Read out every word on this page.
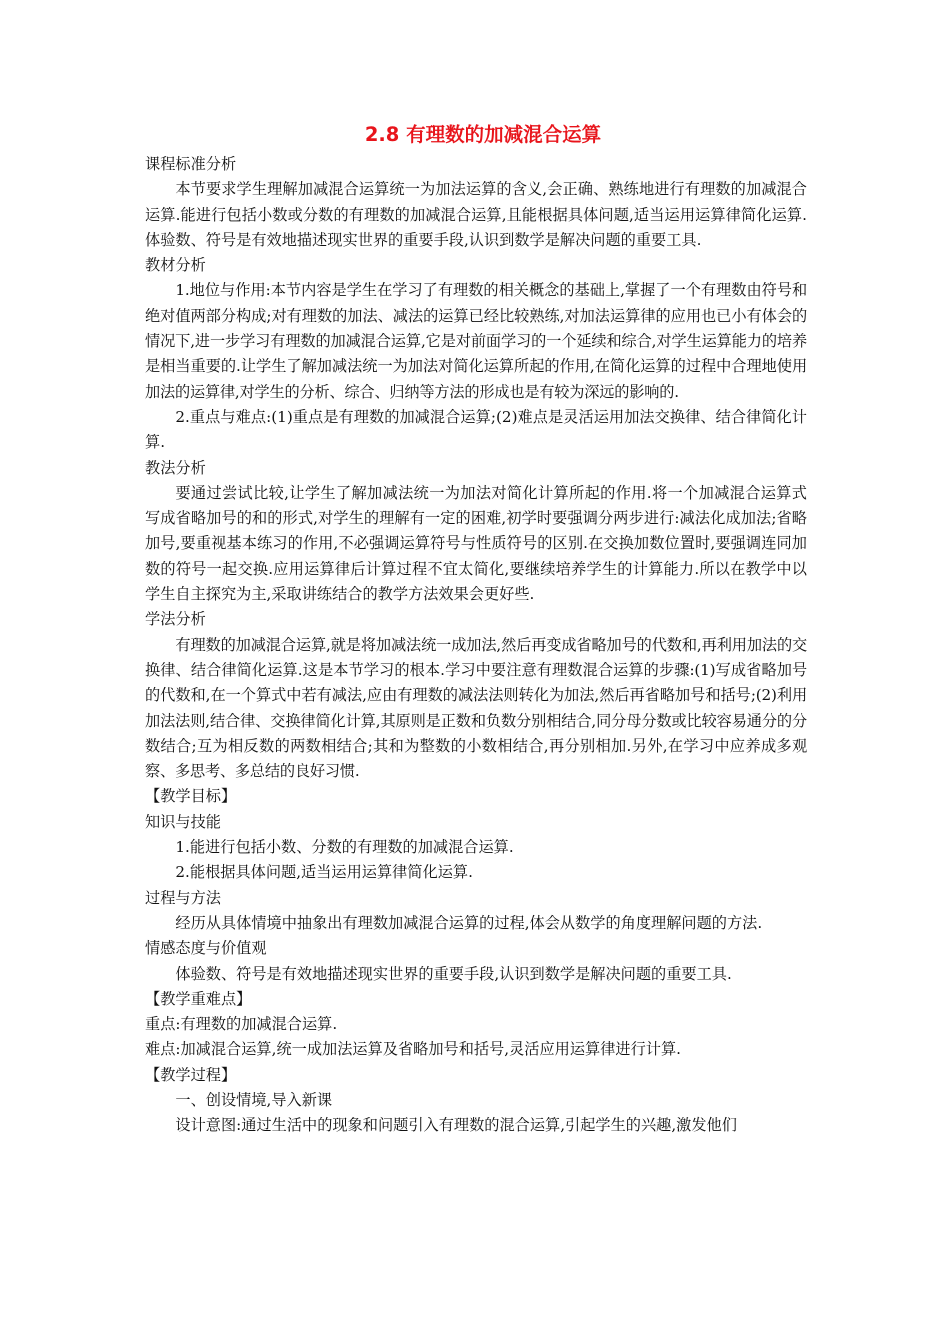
2.8 有理数的加减混合运算

课程标准分析

本节要求学生理解加减混合运算统一为加法运算的含义,会正确、熟练地进行有理数的加减混合运算.能进行包括小数或分数的有理数的加减混合运算,且能根据具体问题,适当运用运算律简化运算.体验数、符号是有效地描述现实世界的重要手段,认识到数学是解决问题的重要工具.

教材分析

1.地位与作用:本节内容是学生在学习了有理数的相关概念的基础上,掌握了一个有理数由符号和绝对值两部分构成;对有理数的加法、减法的运算已经比较熟练,对加法运算律的应用也已小有体会的情况下,进一步学习有理数的加减混合运算,它是对前面学习的一个延续和综合,对学生运算能力的培养是相当重要的.让学生了解加减法统一为加法对简化运算所起的作用,在简化运算的过程中合理地使用加法的运算律,对学生的分析、综合、归纳等方法的形成也是有较为深远的影响的.

2.重点与难点:(1)重点是有理数的加减混合运算;(2)难点是灵活运用加法交换律、结合律简化计算.

教法分析

要通过尝试比较,让学生了解加减法统一为加法对简化计算所起的作用.将一个加减混合运算式写成省略加号的和的形式,对学生的理解有一定的困难,初学时要强调分两步进行:减法化成加法;省略加号,要重视基本练习的作用,不必强调运算符号与性质符号的区别.在交换加数位置时,要强调连同加数的符号一起交换.应用运算律后计算过程不宜太简化,要继续培养学生的计算能力.所以在教学中以学生自主探究为主,采取讲练结合的教学方法效果会更好些.

学法分析

有理数的加减混合运算,就是将加减法统一成加法,然后再变成省略加号的代数和,再利用加法的交换律、结合律简化运算.这是本节学习的根本.学习中要注意有理数混合运算的步骤:(1)写成省略加号的代数和,在一个算式中若有减法,应由有理数的减法法则转化为加法,然后再省略加号和括号;(2)利用加法法则,结合律、交换律简化计算,其原则是正数和负数分别相结合,同分母分数或比较容易通分的分数结合;互为相反数的两数相结合;其和为整数的小数相结合,再分别相加.另外,在学习中应养成多观察、多思考、多总结的良好习惯.

【教学目标】

知识与技能

1.能进行包括小数、分数的有理数的加减混合运算.

2.能根据具体问题,适当运用运算律简化运算.

过程与方法

经历从具体情境中抽象出有理数加减混合运算的过程,体会从数学的角度理解问题的方法.

情感态度与价值观

体验数、符号是有效地描述现实世界的重要手段,认识到数学是解决问题的重要工具.

【教学重难点】

重点:有理数的加减混合运算.

难点:加减混合运算,统一成加法运算及省略加号和括号,灵活应用运算律进行计算.

【教学过程】

一、创设情境,导入新课

设计意图:通过生活中的现象和问题引入有理数的混合运算,引起学生的兴趣,激发他们
